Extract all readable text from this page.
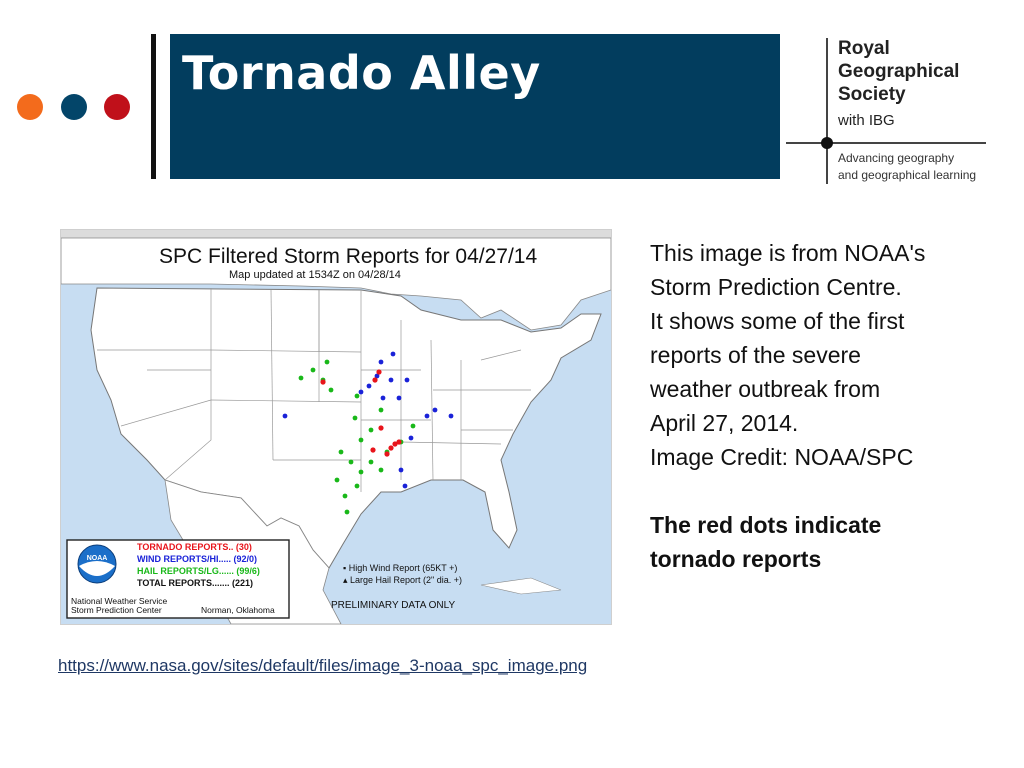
Tornado Alley	Royal
Geographical
Society
with IBG
Advancing geography
and geographical learning
SPC Filtered Storm Reports for 04/27/14
Map updated at 1534Z on 04/28/14
NOAA
TORNADO REPORTS.. (30)
WIND REPORTS/HI..... (92/0)
HAIL REPORTS/LG...... (99/6)
TOTAL REPORTS....... (221)
National Weather Service
Storm Prediction Center	Norman, Oklahoma
▪ High Wind Report (65KT +)
▴ Large Hail Report (2" dia. +)
PRELIMINARY DATA ONLY
This image is from NOAA's
Storm Prediction Centre.
It shows some of the first
reports of the severe
weather outbreak from
April 27, 2014.
Image Credit: NOAA/SPC
The red dots indicate
tornado reports
https://www.nasa.gov/sites/default/files/image_3-noaa_spc_image.png
